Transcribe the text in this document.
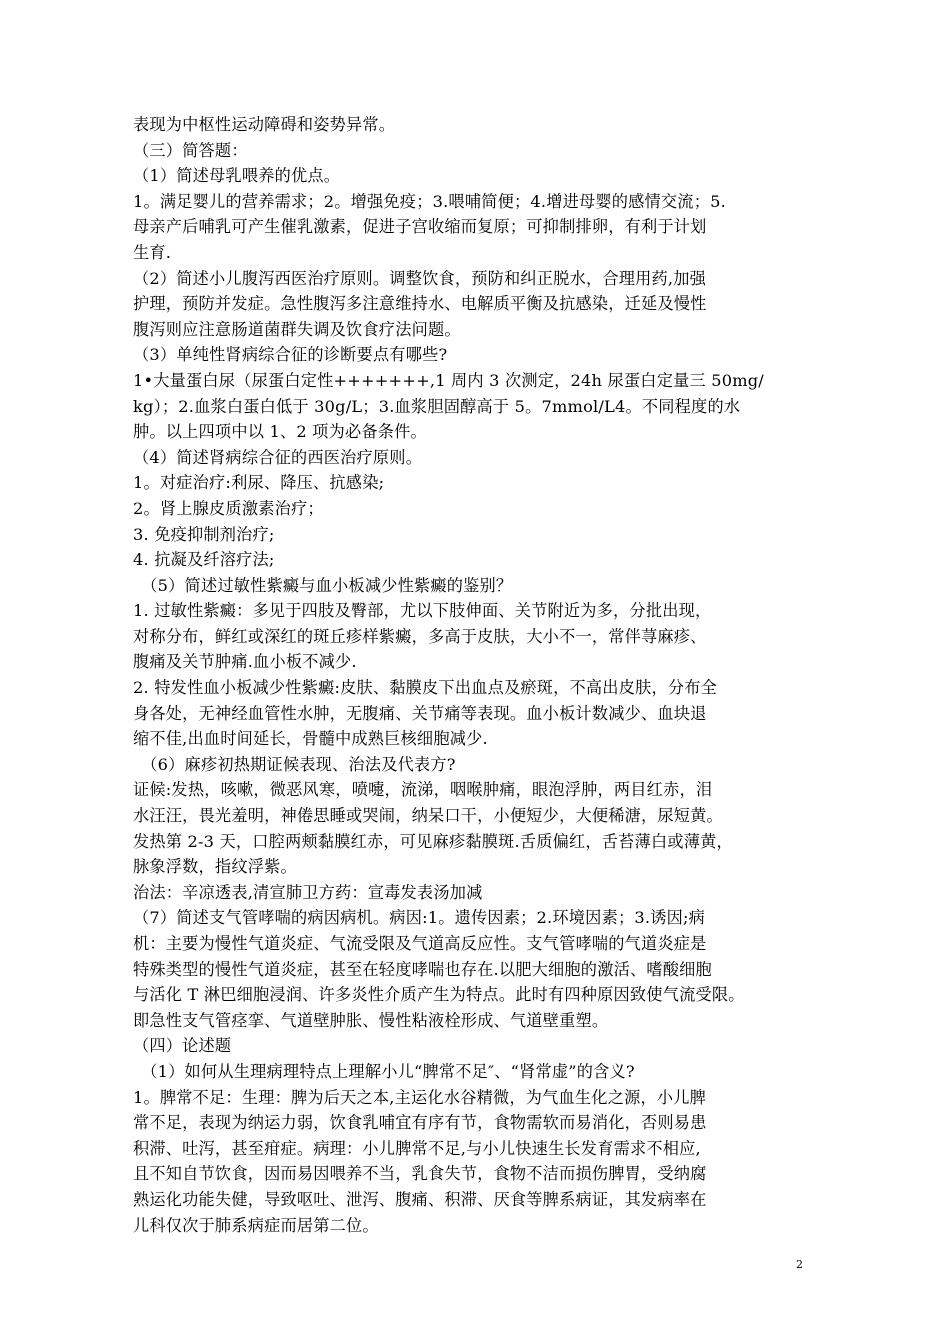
表现为中枢性运动障碍和姿势异常。
（三）简答题：
（1）简述母乳喂养的优点。
1。满足婴儿的营养需求；2。增强免疫；3.喂哺简便；4.增进母婴的感情交流；5.
母亲产后哺乳可产生催乳激素，促进子宫收缩而复原；可抑制排卵，有利于计划
生育.
（2）简述小儿腹泻西医治疗原则。调整饮食，预防和纠正脱水，合理用药,加强
护理，预防并发症。急性腹泻多注意维持水、电解质平衡及抗感染，迁延及慢性
腹泻则应注意肠道菌群失调及饮食疗法问题。
（3）单纯性肾病综合征的诊断要点有哪些?
1•大量蛋白尿（尿蛋白定性+++++++,1 周内 3 次测定，24h 尿蛋白定量三 50mg/
kg）；2.血浆白蛋白低于 30g/L；3.血浆胆固醇高于 5。7mmol/L4。不同程度的水
肿。以上四项中以 1、2 项为必备条件。
（4）简述肾病综合征的西医治疗原则。
1。对症治疗:利尿、降压、抗感染;
2。肾上腺皮质激素治疗；
3. 免疫抑制剂治疗;
4. 抗凝及纤溶疗法;
　（5）简述过敏性紫癜与血小板减少性紫癜的鉴别？
1. 过敏性紫癜：多见于四肢及臀部，尤以下肢伸面、关节附近为多，分批出现，
对称分布，鲜红或深红的斑丘疹样紫癜，多高于皮肤，大小不一，常伴荨麻疹、
腹痛及关节肿痛.血小板不减少.
2. 特发性血小板减少性紫癜:皮肤、黏膜皮下出血点及瘀斑，不高出皮肤，分布全
身各处，无神经血管性水肿，无腹痛、关节痛等表现。血小板计数减少、血块退
缩不佳,出血时间延长，骨髓中成熟巨核细胞减少.
　（6）麻疹初热期证候表现、治法及代表方?
证候:发热，咳嗽，微恶风寒，喷嚏，流涕，咽喉肿痛，眼泡浮肿，两目红赤，泪
水汪汪，畏光羞明，神倦思睡或哭闹，纳呆口干，小便短少，大便稀溏，尿短黄。
发热第 2-3 天，口腔两颊黏膜红赤，可见麻疹黏膜斑.舌质偏红，舌苔薄白或薄黄，
脉象浮数，指纹浮紫。
治法：辛凉透表,清宣肺卫方药：宣毒发表汤加减
（7）简述支气管哮喘的病因病机。病因:1。遗传因素；2.环境因素；3.诱因;病
机：主要为慢性气道炎症、气流受限及气道高反应性。支气管哮喘的气道炎症是
特殊类型的慢性气道炎症，甚至在轻度哮喘也存在.以肥大细胞的激活、嗜酸细胞
与活化 T 淋巴细胞浸润、许多炎性介质产生为特点。此时有四种原因致使气流受限。
即急性支气管痉挛、气道壁肿胀、慢性粘液栓形成、气道壁重塑。
（四）论述题
　（1）如何从生理病理特点上理解小儿“脾常不足″、“肾常虚”的含义?
1。脾常不足：生理：脾为后天之本,主运化水谷精微，为气血生化之源，小儿脾
常不足，表现为纳运力弱，饮食乳哺宜有序有节，食物需软而易消化，否则易患
积滞、吐泻，甚至疳症。病理：小儿脾常不足,与小儿快速生长发育需求不相应,
且不知自节饮食，因而易因喂养不当，乳食失节，食物不洁而损伤脾胃，受纳腐
熟运化功能失健，导致呕吐、泄泻、腹痛、积滞、厌食等脾系病证，其发病率在
儿科仅次于肺系病症而居第二位。
2
